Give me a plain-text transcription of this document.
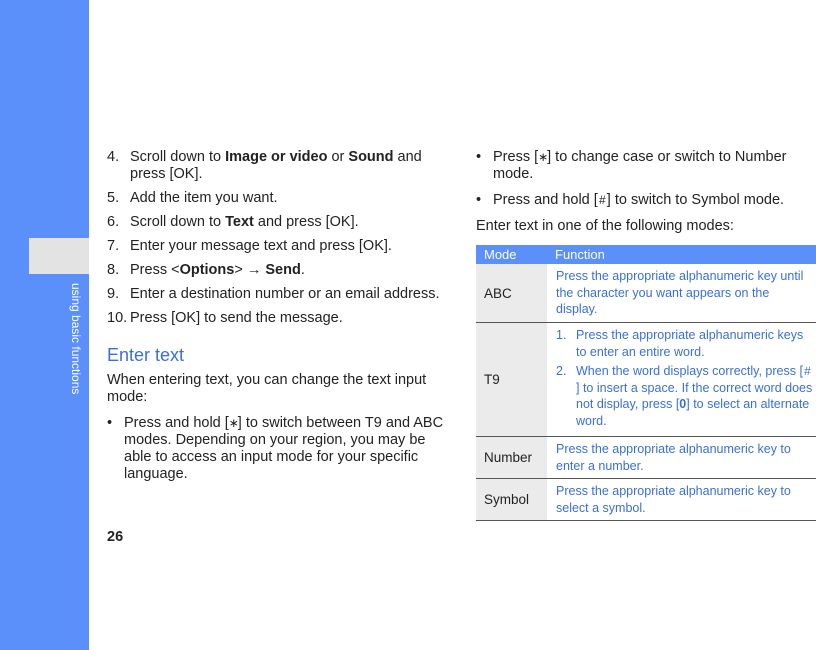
using basic functions
4. Scroll down to Image or video or Sound and press [OK].
5. Add the item you want.
6. Scroll down to Text and press [OK].
7. Enter your message text and press [OK].
8. Press <Options> → Send.
9. Enter a destination number or an email address.
10. Press [OK] to send the message.
Enter text
When entering text, you can change the text input mode:
• Press and hold [∗] to switch between T9 and ABC modes. Depending on your region, you may be able to access an input mode for your specific language.
• Press [∗] to change case or switch to Number mode.
• Press and hold [#] to switch to Symbol mode.
Enter text in one of the following modes:
Mode	Function
ABC	Press the appropriate alphanumeric key until the character you want appears on the display.
T9	1. Press the appropriate alphanumeric keys to enter an entire word.
2. When the word displays correctly, press [#] to insert a space. If the correct word does not display, press [0] to select an alternate word.

Number	Press the appropriate alphanumeric key to enter a number.
Symbol	Press the appropriate alphanumeric key to select a symbol.
26
